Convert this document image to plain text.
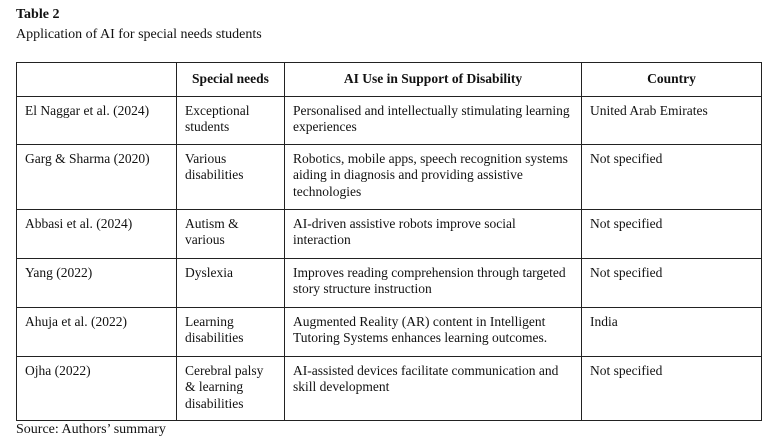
Table 2
Application of AI for special needs students
	Special needs	AI Use in Support of Disability	Country
El Naggar et al. (2024)	Exceptional students	Personalised and intellectually stimulating learning experiences	United Arab Emirates
Garg & Sharma (2020)	Various disabilities	Robotics, mobile apps, speech recognition systems aiding in diagnosis and providing assistive technologies	Not specified
Abbasi et al. (2024)	Autism & various	AI-driven assistive robots improve social interaction	Not specified
Yang (2022)	Dyslexia	Improves reading comprehension through targeted story structure instruction	Not specified
Ahuja et al. (2022)	Learning disabilities	Augmented Reality (AR) content in Intelligent Tutoring Systems enhances learning outcomes.	India
Ojha (2022)	Cerebral palsy & learning disabilities	AI-assisted devices facilitate communication and skill development	Not specified
Source: Authors’ summary
